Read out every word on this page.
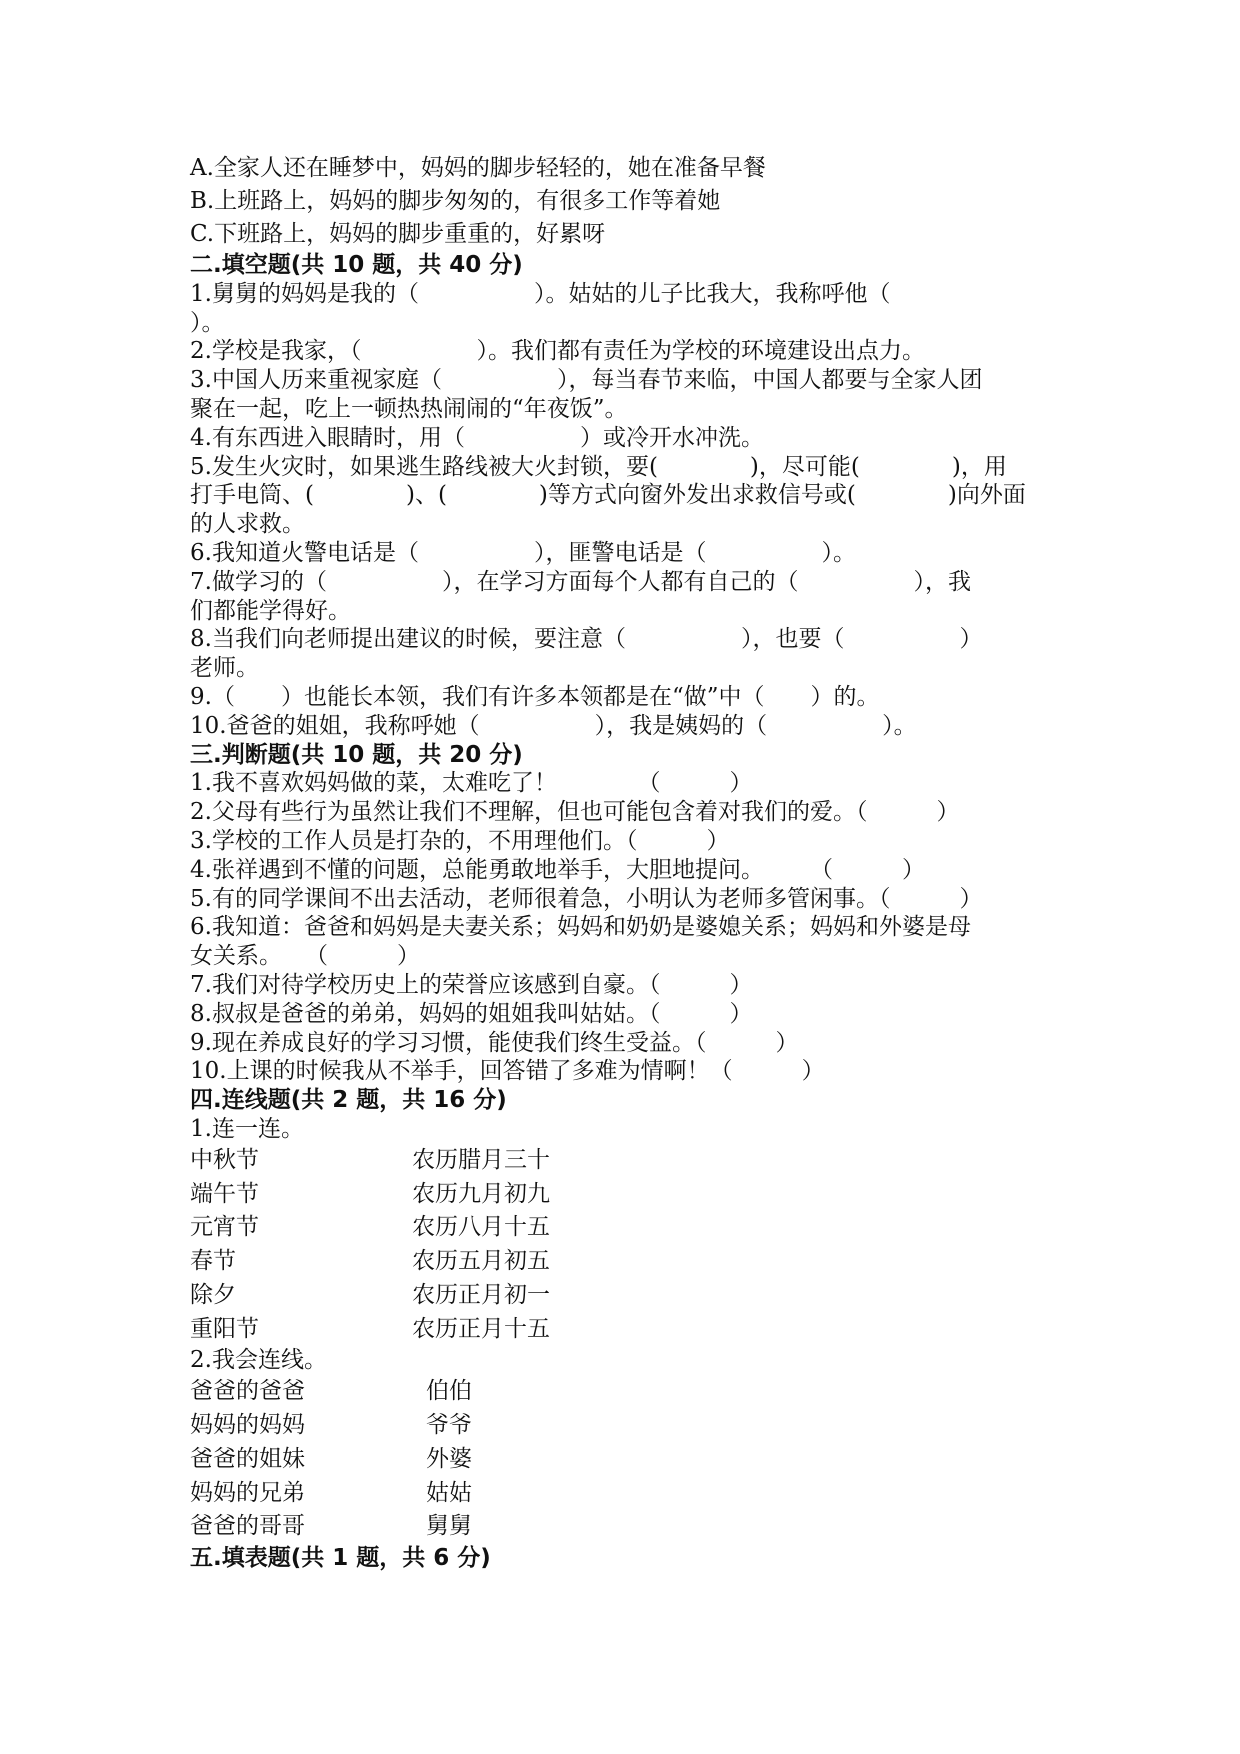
A.全家人还在睡梦中，妈妈的脚步轻轻的，她在准备早餐
B.上班路上，妈妈的脚步匆匆的，有很多工作等着她
C.下班路上，妈妈的脚步重重的，好累呀
二.填空题(共 10 题，共 40 分)
1.舅舅的妈妈是我的（　　　　　）。姑姑的儿子比我大，我称呼他（
）。
2.学校是我家，（　　　　　）。我们都有责任为学校的环境建设出点力。
3.中国人历来重视家庭（　　　　　），每当春节来临，中国人都要与全家人团
聚在一起，吃上一顿热热闹闹的“年夜饭”。
4.有东西进入眼睛时，用（　　　　　）或冷开水冲洗。
5.发生火灾时，如果逃生路线被大火封锁，要(　　　　)，尽可能(　　　　)，用
打手电筒、(　　　　)、(　　　　)等方式向窗外发出求救信号或(　　　　)向外面
的人求救。
6.我知道火警电话是（　　　　　），匪警电话是（　　　　　）。
7.做学习的（　　　　　），在学习方面每个人都有自己的（　　　　　），我
们都能学得好。
8.当我们向老师提出建议的时候，要注意（　　　　　），也要（　　　　　）
老师。
9.（　　）也能长本领，我们有许多本领都是在“做”中（　　）的。
10.爸爸的姐姐，我称呼她（　　　　　），我是姨妈的（　　　　　）。
三.判断题(共 10 题，共 20 分)
1.我不喜欢妈妈做的菜，太难吃了！　　　　（　　　）
2.父母有些行为虽然让我们不理解，但也可能包含着对我们的爱。（　　　）
3.学校的工作人员是打杂的，不用理他们。（　　　）
4.张祥遇到不懂的问题，总能勇敢地举手，大胆地提问。　　　（　　　）
5.有的同学课间不出去活动，老师很着急，小明认为老师多管闲事。（　　　）
6.我知道：爸爸和妈妈是夫妻关系；妈妈和奶奶是婆媳关系；妈妈和外婆是母
女关系。　　（　　　）
7.我们对待学校历史上的荣誉应该感到自豪。（　　　）
8.叔叔是爸爸的弟弟，妈妈的姐姐我叫姑姑。（　　　）
9.现在养成良好的学习习惯，能使我们终生受益。（　　　）
10.上课的时候我从不举手，回答错了多难为情啊！（　　　）
四.连线题(共 2 题，共 16 分)
1.连一连。
中秋节	农历腊月三十
端午节	农历九月初九
元宵节	农历八月十五
春节	农历五月初五
除夕	农历正月初一
重阳节	农历正月十五
2.我会连线。
爸爸的爸爸	伯伯
妈妈的妈妈	爷爷
爸爸的姐妹	外婆
妈妈的兄弟	姑姑
爸爸的哥哥	舅舅
五.填表题(共 1 题，共 6 分)
